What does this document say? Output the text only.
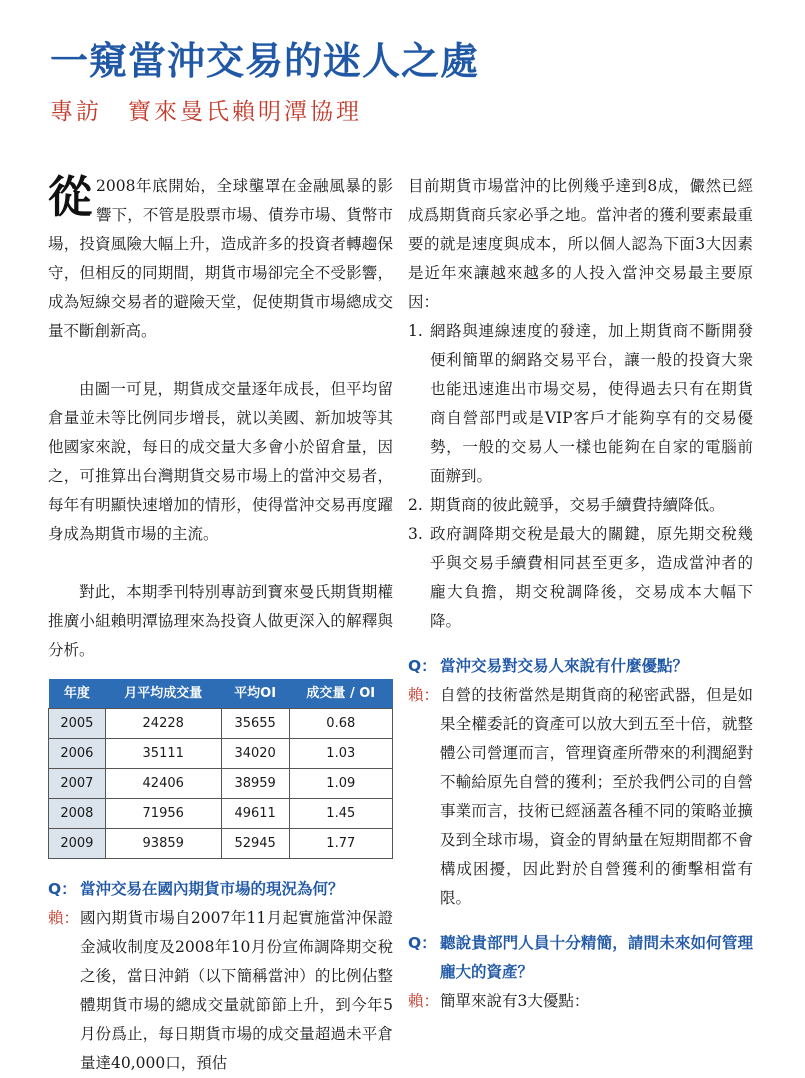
一窺當沖交易的迷人之處
專訪　寶來曼氏賴明潭協理

從 2008年底開始，全球壟罩在金融風暴的影響下，不管是股票市場、債券市場、貨幣市場，投資風險大幅上升，造成許多的投資者轉趨保守，但相反的同期間，期貨市場卻完全不受影響，成為短線交易者的避險天堂，促使期貨市場總成交量不斷創新高。

由圖一可見，期貨成交量逐年成長，但平均留倉量並未等比例同步增長，就以美國、新加坡等其他國家來說，每日的成交量大多會小於留倉量，因之，可推算出台灣期貨交易市場上的當沖交易者，每年有明顯快速增加的情形，使得當沖交易再度躍身成為期貨市場的主流。

對此，本期季刊特別專訪到寶來曼氏期貨期權推廣小組賴明潭協理來為投資人做更深入的解釋與分析。

年度	月平均成交量	平均OI	成交量 / OI
2005	24228	35655	0.68
2006	35111	34020	1.03
2007	42406	38959	1.09
2008	71956	49611	1.45
2009	93859	52945	1.77
Q： 當沖交易在國內期貨市場的現況為何？
賴： 國內期貨市場自2007年11月起實施當沖保證金減收制度及2008年10月份宣佈調降期交稅之後，當日沖銷（以下簡稱當沖）的比例佔整體期貨市場的總成交量就節節上升，到今年5月份爲止，每日期貨市場的成交量超過未平倉量達40,000口，預估

目前期貨市場當沖的比例幾乎達到8成，儼然已經成爲期貨商兵家必爭之地。當沖者的獲利要素最重要的就是速度與成本，所以個人認為下面3大因素是近年來讓越來越多的人投入當沖交易最主要原因：

1. 網路與連線速度的發達，加上期貨商不斷開發便利簡單的網路交易平台，讓一般的投資大衆也能迅速進出市場交易，使得過去只有在期貨商自營部門或是VIP客戶才能夠享有的交易優勢，一般的交易人一樣也能夠在自家的電腦前面辦到。
2. 期貨商的彼此競爭，交易手續費持續降低。
3. 政府調降期交稅是最大的關鍵，原先期交稅幾乎與交易手續費相同甚至更多，造成當沖者的龐大負擔，期交稅調降後，交易成本大幅下降。
Q： 當沖交易對交易人來說有什麼優點？
賴： 自營的技術當然是期貨商的秘密武器，但是如果全權委託的資產可以放大到五至十倍，就整體公司營運而言，管理資產所帶來的利潤絕對不輸給原先自營的獲利；至於我們公司的自營事業而言，技術已經涵蓋各種不同的策略並擴及到全球市場，資金的胃納量在短期間都不會構成困擾，因此對於自營獲利的衝擊相當有限。
Q： 聽說貴部門人員十分精簡，請問未來如何管理龐大的資產？
賴： 簡單來說有3大優點：
